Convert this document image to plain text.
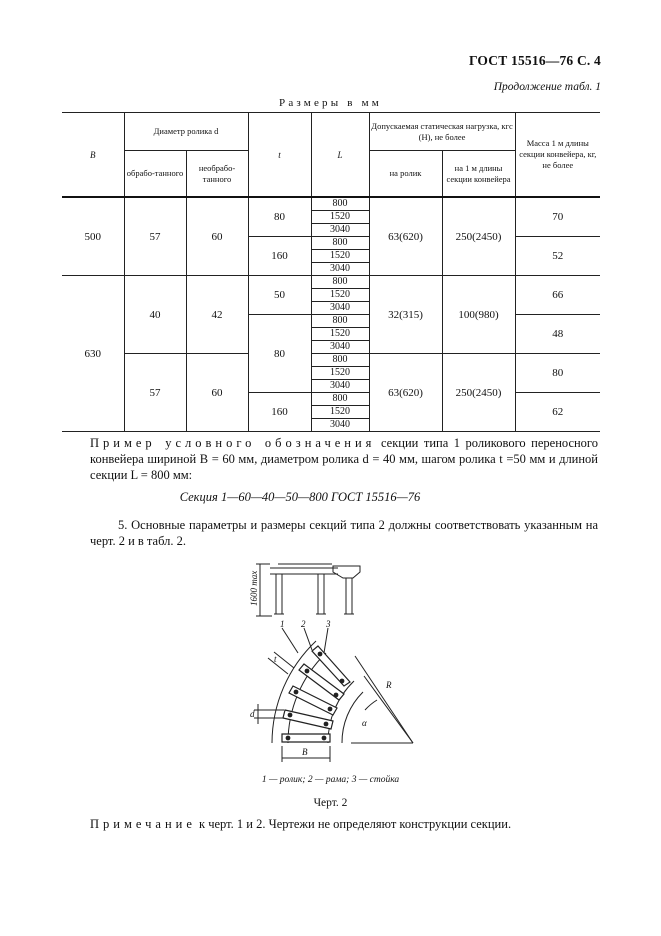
ГОСТ 15516—76 С. 4
Продолжение табл. 1
Размеры в мм
B	Диаметр ролика d		t	L	Допускаемая статическая нагрузка, кгс (Н), не более		Масса 1 м длины секции конвейера, кг, не более
	обрабо-танного	необрабо-танного			на ролик	на 1 м длины секции конвейера	
500	57	60	80	800	63(620)	250(2450)	70
				1520			
				3040			
			160	800			52
				1520			
				3040			
630	40	42	50	800	32(315)	100(980)	66
				1520			
				3040			
			80	800			48
				1520			
				3040			
	57	60		800	63(620)	250(2450)	80
				1520			
				3040			
			160	800			62
				1520			
				3040			

Пример условного обозначения секции типа 1 роликового переносного конвейера шириной B = 60 мм, диаметром ролика d = 40 мм, шагом ролика t =50 мм и длиной секции L = 800 мм:

Секция 1—60—40—50—800 ГОСТ 15516—76

5. Основные параметры и размеры секций типа 2 должны соответствовать указанным на черт. 2 и в табл. 2.

1600 max
1 2 3
t
d
B
R
α
1 — ролик; 2 — рама; 3 — стойка
Черт. 2

Примечание к черт. 1 и 2. Чертежи не определяют конструкции секции.
